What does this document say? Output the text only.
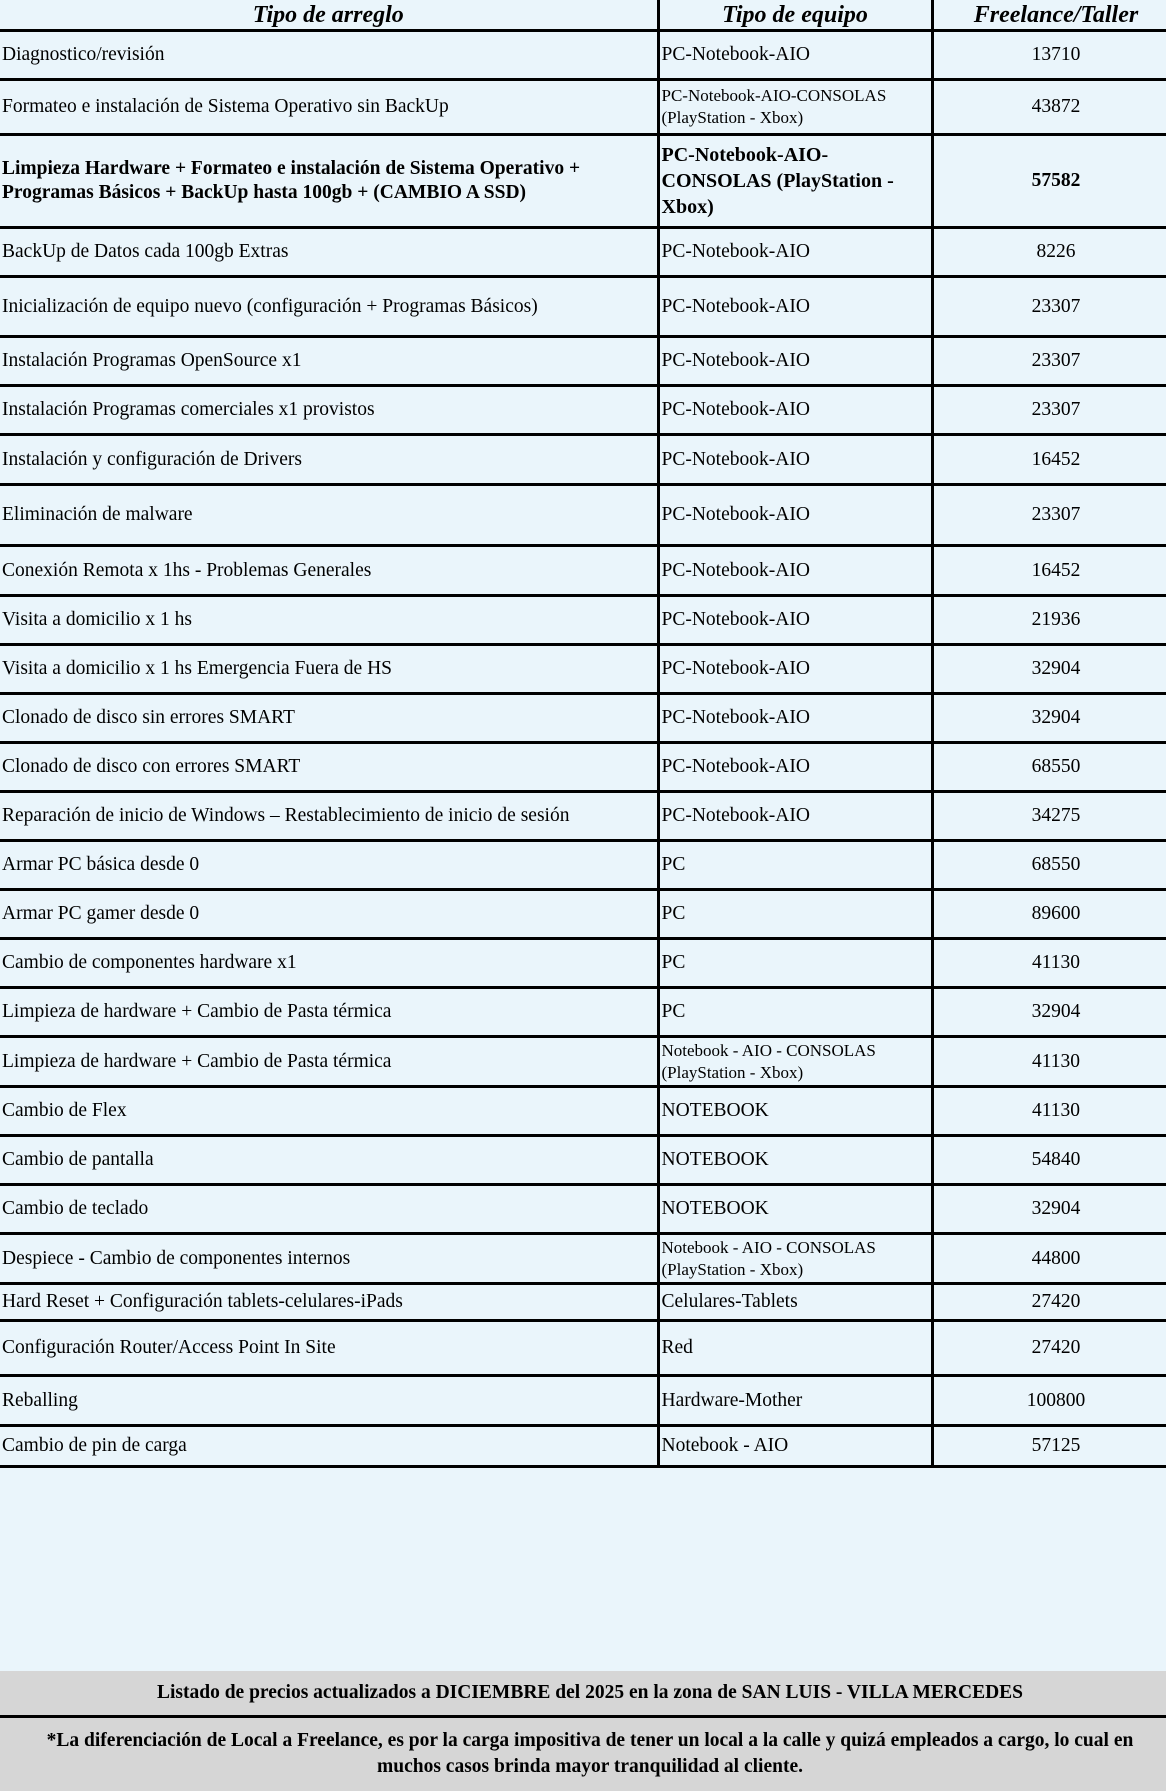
Tipo de arreglo	Tipo de equipo	Freelance/Taller
Diagnostico/revisión	PC-Notebook-AIO	13710
Formateo e instalación de Sistema Operativo sin BackUp	PC-Notebook-AIO-CONSOLAS (PlayStation - Xbox)	43872
Limpieza Hardware + Formateo e instalación de Sistema Operativo + Programas Básicos + BackUp hasta 100gb + (CAMBIO A SSD)	PC-Notebook-AIO-CONSOLAS (PlayStation - Xbox)	57582
BackUp de Datos cada 100gb Extras	PC-Notebook-AIO	8226
Inicialización de equipo nuevo (configuración + Programas Básicos)	PC-Notebook-AIO	23307
Instalación Programas OpenSource x1	PC-Notebook-AIO	23307
Instalación Programas comerciales x1 provistos	PC-Notebook-AIO	23307
Instalación y configuración de Drivers	PC-Notebook-AIO	16452
Eliminación de malware	PC-Notebook-AIO	23307
Conexión Remota x 1hs - Problemas Generales	PC-Notebook-AIO	16452
Visita a domicilio x 1 hs	PC-Notebook-AIO	21936
Visita a domicilio x 1 hs Emergencia Fuera de HS	PC-Notebook-AIO	32904
Clonado de disco sin errores SMART	PC-Notebook-AIO	32904
Clonado de disco con errores SMART	PC-Notebook-AIO	68550
Reparación de inicio de Windows – Restablecimiento de inicio de sesión	PC-Notebook-AIO	34275
Armar PC básica desde 0	PC	68550
Armar PC gamer desde 0	PC	89600
Cambio de componentes hardware x1	PC	41130
Limpieza de hardware + Cambio de Pasta térmica	PC	32904
Limpieza de hardware + Cambio de Pasta térmica	Notebook - AIO - CONSOLAS (PlayStation - Xbox)	41130
Cambio de Flex	NOTEBOOK	41130
Cambio de pantalla	NOTEBOOK	54840
Cambio de teclado	NOTEBOOK	32904
Despiece - Cambio de componentes internos	Notebook - AIO - CONSOLAS (PlayStation - Xbox)	44800
Hard Reset + Configuración tablets-celulares-iPads	Celulares-Tablets	27420
Configuración Router/Access Point In Site	Red	27420
Reballing	Hardware-Mother	100800
Cambio de pin de carga	Notebook - AIO	57125
Listado de precios actualizados a DICIEMBRE del 2025 en la zona de SAN LUIS - VILLA MERCEDES
*La diferenciación de Local a Freelance, es por la carga impositiva de tener un local a la calle y quizá empleados a cargo, lo cual en
muchos casos brinda mayor tranquilidad al cliente.
